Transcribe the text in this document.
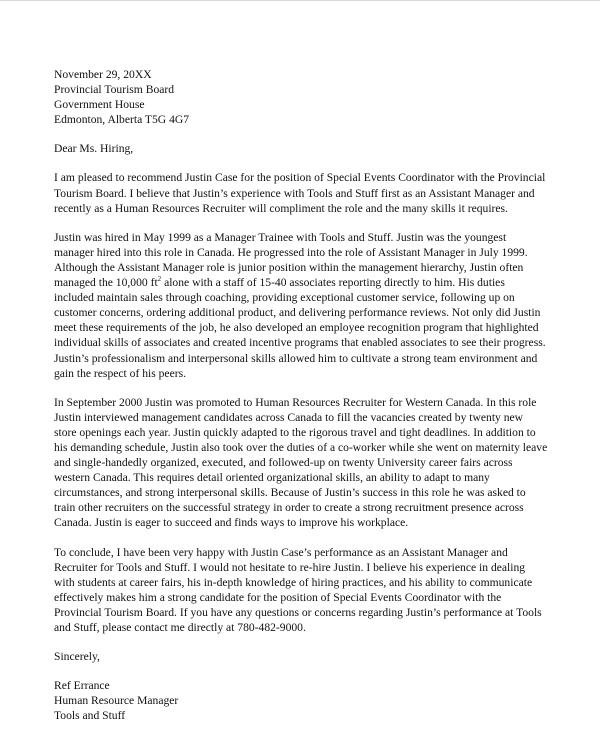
November 29, 20XX
Provincial Tourism Board
Government House
Edmonton, Alberta T5G 4G7
Dear Ms. Hiring,

I am pleased to recommend Justin Case for the position of Special Events Coordinator with the Provincial
Tourism Board. I believe that Justin’s experience with Tools and Stuff first as an Assistant Manager and
recently as a Human Resources Recruiter will compliment the role and the many skills it requires.

Justin was hired in May 1999 as a Manager Trainee with Tools and Stuff. Justin was the youngest
manager hired into this role in Canada. He progressed into the role of Assistant Manager in July 1999.
Although the Assistant Manager role is junior position within the management hierarchy, Justin often
managed the 10,000 $ft^2$ alone with a staff of 15-40 associates reporting directly to him. His duties
included maintain sales through coaching, providing exceptional customer service, following up on
customer concerns, ordering additional product, and delivering performance reviews. Not only did Justin
meet these requirements of the job, he also developed an employee recognition program that highlighted
individual skills of associates and created incentive programs that enabled associates to see their progress.
Justin’s professionalism and interpersonal skills allowed him to cultivate a strong team environment and
gain the respect of his peers.

In September 2000 Justin was promoted to Human Resources Recruiter for Western Canada. In this role
Justin interviewed management candidates across Canada to fill the vacancies created by twenty new
store openings each year. Justin quickly adapted to the rigorous travel and tight deadlines. In addition to
his demanding schedule, Justin also took over the duties of a co-worker while she went on maternity leave
and single-handedly organized, executed, and followed-up on twenty University career fairs across
western Canada. This requires detail oriented organizational skills, an ability to adapt to many
circumstances, and strong interpersonal skills. Because of Justin’s success in this role he was asked to
train other recruiters on the successful strategy in order to create a strong recruitment presence across
Canada. Justin is eager to succeed and finds ways to improve his workplace.

To conclude, I have been very happy with Justin Case’s performance as an Assistant Manager and
Recruiter for Tools and Stuff. I would not hesitate to re-hire Justin. I believe his experience in dealing
with students at career fairs, his in-depth knowledge of hiring practices, and his ability to communicate
effectively makes him a strong candidate for the position of Special Events Coordinator with the
Provincial Tourism Board. If you have any questions or concerns regarding Justin’s performance at Tools
and Stuff, please contact me directly at 780-482-9000.

Sincerely,
Ref Errance
Human Resource Manager
Tools and Stuff
